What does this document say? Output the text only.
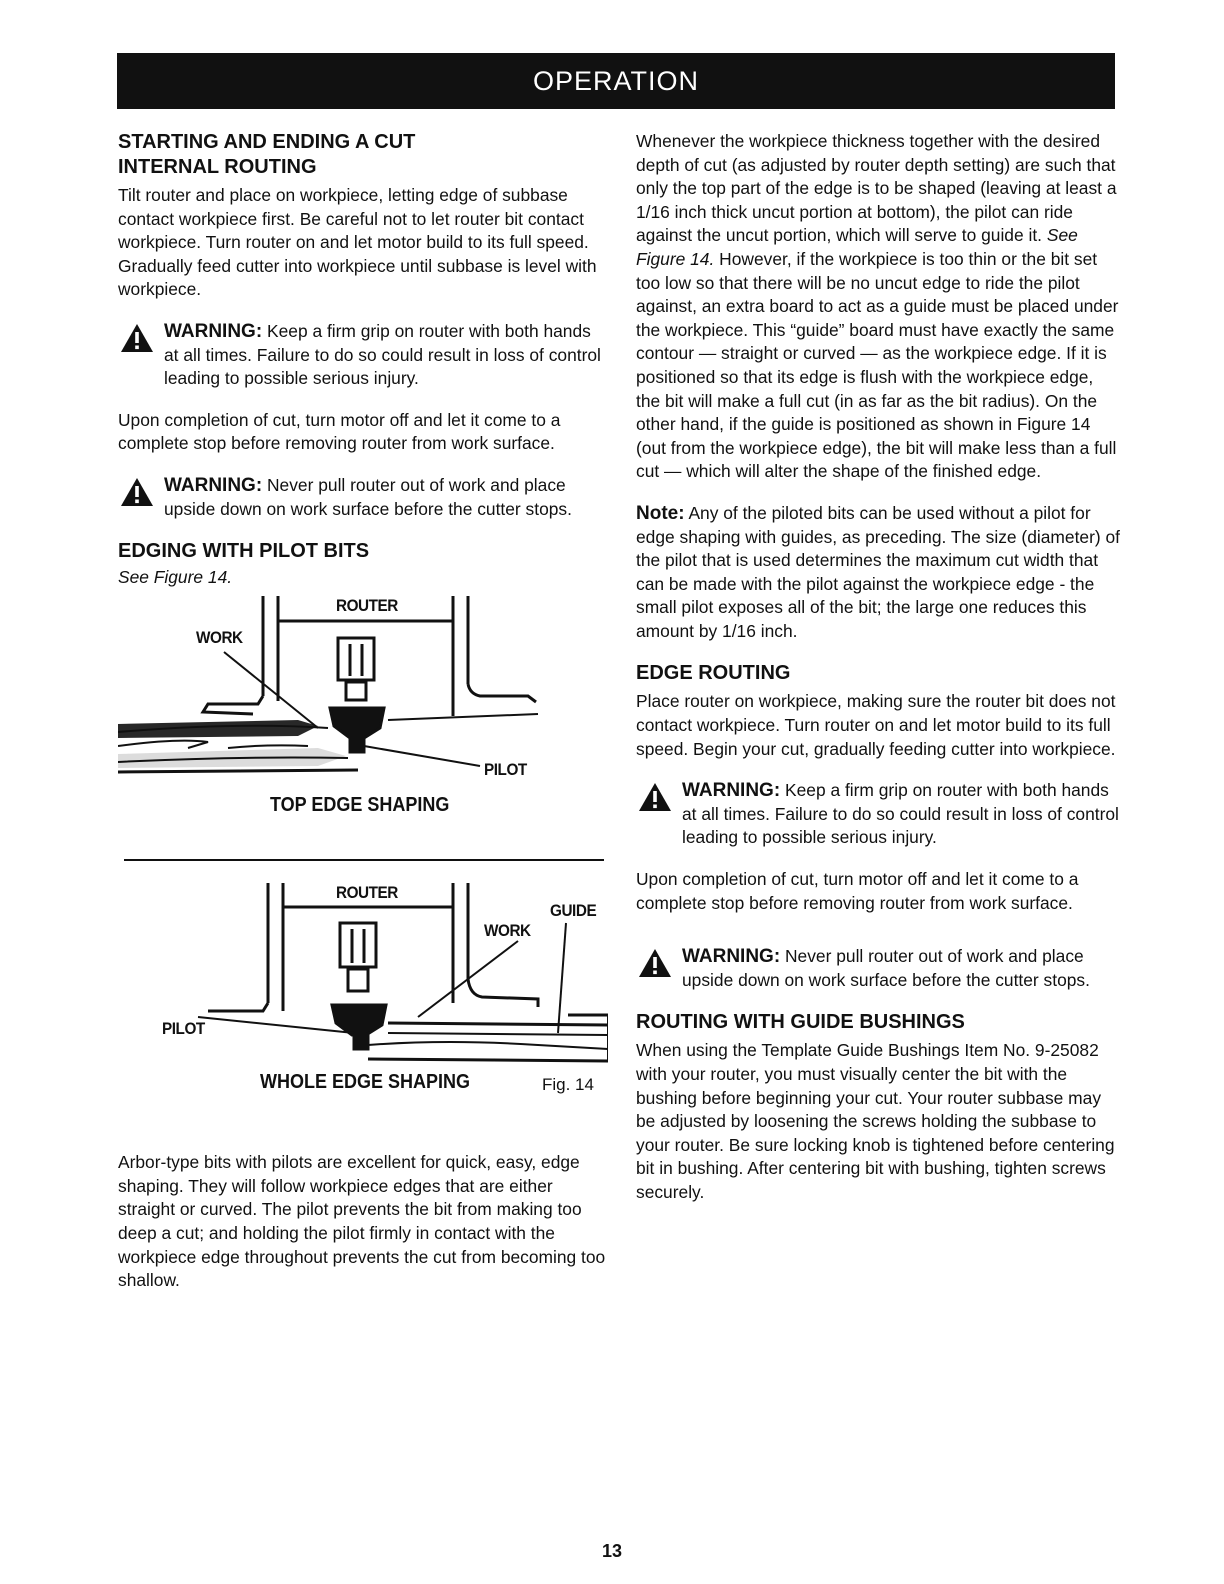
OPERATION
STARTING AND ENDING A CUT
INTERNAL ROUTING

Tilt router and place on workpiece, letting edge of subbase contact workpiece first. Be careful not to let router bit contact workpiece. Turn router on and let motor build to its full speed. Gradually feed cutter into workpiece until subbase is level with workpiece.

WARNING: Keep a firm grip on router with both hands at all times. Failure to do so could result in loss of control leading to possible serious injury.

Upon completion of cut, turn motor off and let it come to a complete stop before removing router from work surface.

WARNING: Never pull router out of work and place upside down on work surface before the cutter stops.

EDGING WITH PILOT BITS
See Figure 14.
ROUTER
WORK
PILOT
TOP EDGE SHAPING
ROUTER
GUIDE
WORK
PILOT
WHOLE EDGE SHAPING	Fig. 14

Arbor-type bits with pilots are excellent for quick, easy, edge shaping. They will follow workpiece edges that are either straight or curved. The pilot prevents the bit from making too deep a cut; and holding the pilot firmly in contact with the workpiece edge throughout prevents the cut from becoming too shallow.

Whenever the workpiece thickness together with the desired depth of cut (as adjusted by router depth setting) are such that only the top part of the edge is to be shaped (leaving at least a 1/16 inch thick uncut portion at bottom), the pilot can ride against the uncut portion, which will serve to guide it. See Figure 14. However, if the workpiece is too thin or the bit set too low so that there will be no uncut edge to ride the pilot against, an extra board to act as a guide must be placed under the workpiece. This “guide” board must have exactly the same contour — straight or curved — as the workpiece edge. If it is positioned so that its edge is flush with the workpiece edge, the bit will make a full cut (in as far as the bit radius). On the other hand, if the guide is positioned as shown in Figure 14 (out from the workpiece edge), the bit will make less than a full cut — which will alter the shape of the finished edge.

Note: Any of the piloted bits can be used without a pilot for edge shaping with guides, as preceding. The size (diameter) of the pilot that is used determines the maximum cut width that can be made with the pilot against the workpiece edge - the small pilot exposes all of the bit; the large one reduces this amount by 1/16 inch.

EDGE ROUTING

Place router on workpiece, making sure the router bit does not contact workpiece. Turn router on and let motor build to its full speed. Begin your cut, gradually feeding cutter into workpiece.

WARNING: Keep a firm grip on router with both hands at all times. Failure to do so could result in loss of control leading to possible serious injury.

Upon completion of cut, turn motor off and let it come to a complete stop before removing router from work surface.

WARNING: Never pull router out of work and place upside down on work surface before the cutter stops.

ROUTING WITH GUIDE BUSHINGS

When using the Template Guide Bushings Item No. 9-25082 with your router, you must visually center the bit with the bushing before beginning your cut. Your router subbase may be adjusted by loosening the screws holding the subbase to your router. Be sure locking knob is tightened before centering bit in bushing. After centering bit with bushing, tighten screws securely.

13
